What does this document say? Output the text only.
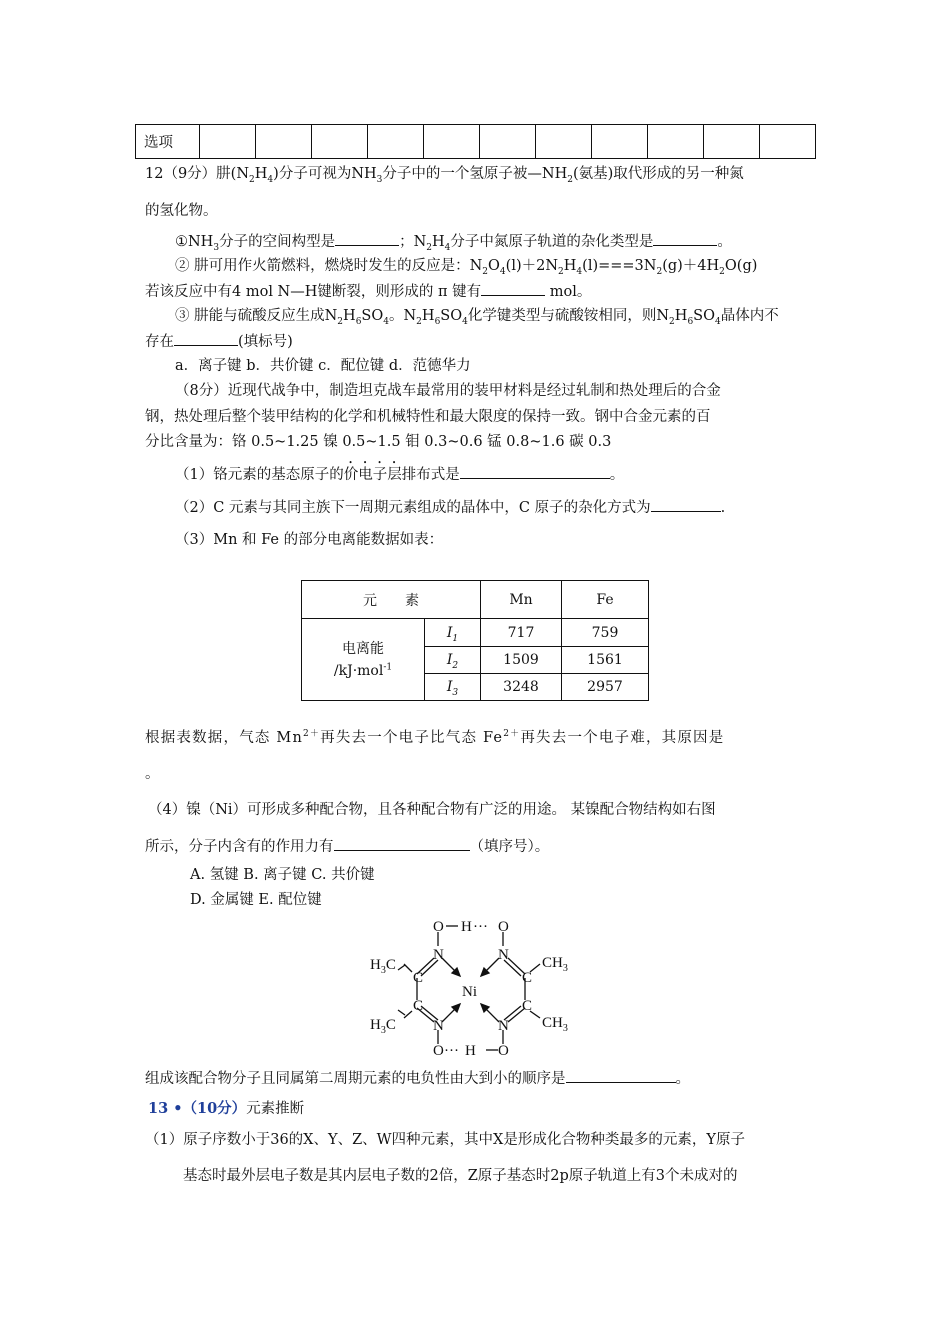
选项											
12（9分）肼$(N_2H_4)$分子可视为$NH_3$分子中的一个氢原子被$—NH_2$(氨基)取代形成的另一种氮
的氢化物。
$①NH_3$分子的空间构型是	；$N_2H_4$分子中氮原子轨道的杂化类型是	。
② 肼可用作火箭燃料，燃烧时发生的反应是：$N_2O_4(l)+2N_2H_4(l)===3N_2(g)+4H_2O(g)$
若该反应中有4 mol N—H键断裂，则形成的 π 键有	mol。
③ 肼能与硫酸反应生成$N_2H_6SO_4$。$N_2H_6SO_4$化学键类型与硫酸铵相同，则$N_2H_6SO_4$晶体内不
存在	(填标号)
a．离子键 b．共价键 c．配位键 d．范德华力
（8分）近现代战争中，制造坦克战车最常用的装甲材料是经过轧制和热处理后的合金
钢，热处理后整个装甲结构的化学和机械特性和最大限度的保持一致。钢中合金元素的百
分比含量为：铬 0.5~1.25 镍 0.5~1.5 钼 0.3~0.6 锰 0.8~1.6 碳 0.3
（1）铬元素的基态原子的价电子层排布式是	。
（2）C 元素与其同主族下一周期元素组成的晶体中，C 原子的杂化方式为	.
（3）Mn 和 Fe 的部分电离能数据如表：
元　　素		Mn	Fe

电离能
/kJ·mol$^{-1}$	$I_1$	717	759
	$I_2$	1509	1561
	$I_3$	3248	2957
根据表数据，气态 $Mn^{2+}$再失去一个电子比气态 $Fe^{2+}$再失去一个电子难，其原因是
。
（4）镍（Ni）可形成多种配合物，且各种配合物有广泛的用途。 某镍配合物结构如右图
所示，分子内含有的作用力有	（填序号）。
A. 氢键 B. 离子键 C. 共价键
D. 金属键 E. 配位键
O H ··· O
N	N
C	C
Ni
C	C
N	N
O ··· H O
$H_3C$
$H_3C$
$CH_3$
$CH_3$
组成该配合物分子且同属第二周期元素的电负性由大到小的顺序是	。
13 •（10分）元素推断
（1）原子序数小于36的X、Y、Z、W四种元素，其中X是形成化合物种类最多的元素，Y原子
基态时最外层电子数是其内层电子数的2倍，Z原子基态时2p原子轨道上有3个未成对的
